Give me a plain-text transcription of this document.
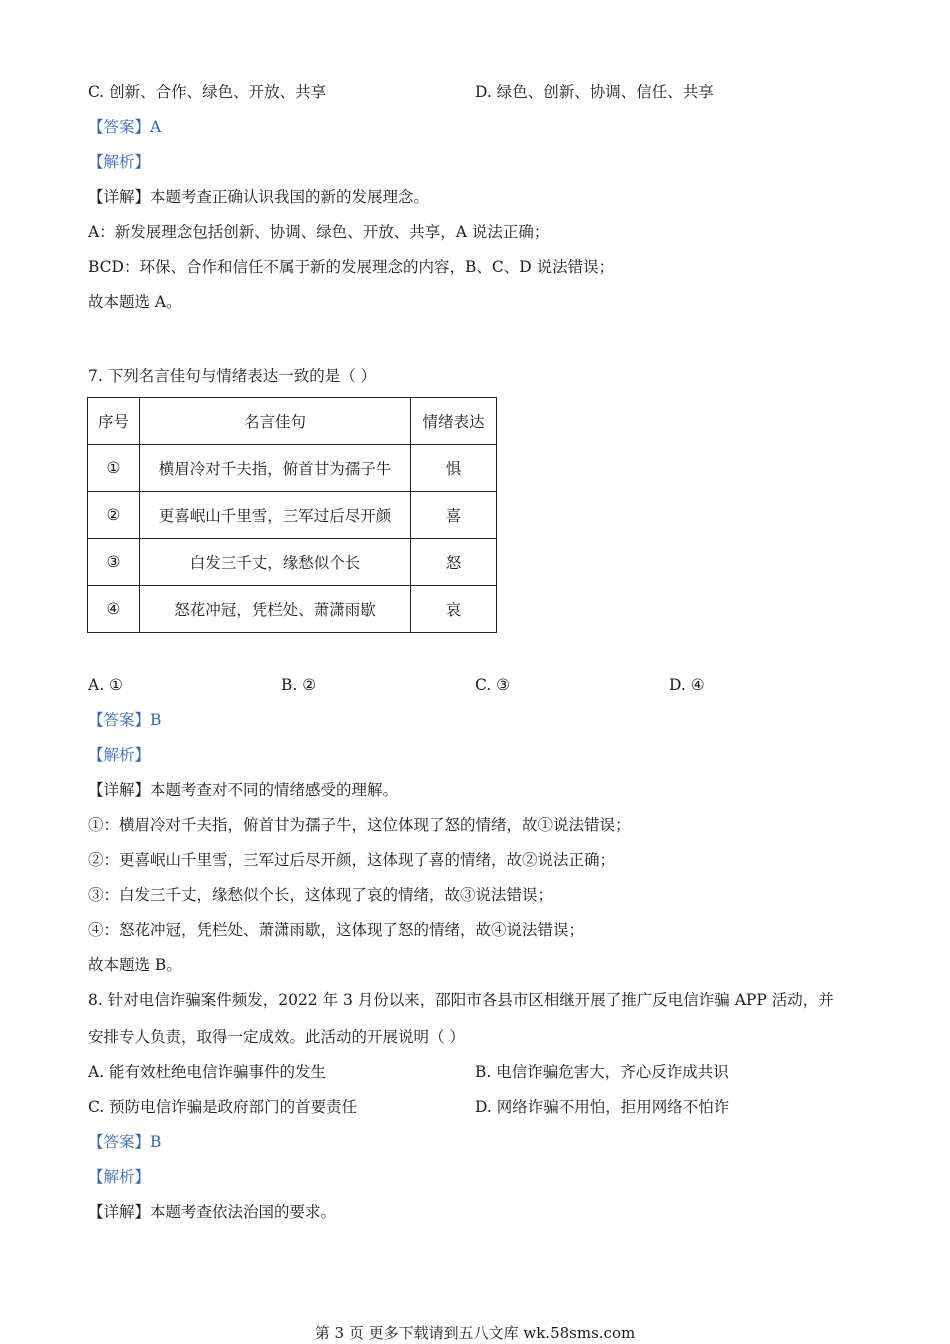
C. 创新、合作、绿色、开放、共享	D. 绿色、创新、协调、信任、共享
【答案】A
【解析】
【详解】本题考查正确认识我国的新的发展理念。
A：新发展理念包括创新、协调、绿色、开放、共享，A 说法正确；
BCD：环保、合作和信任不属于新的发展理念的内容，B、C、D 说法错误；
故本题选 A。
7. 下列名言佳句与情绪表达一致的是（ ）
序号	名言佳句	情绪表达
①	横眉冷对千夫指，俯首甘为孺子牛	惧
②	更喜岷山千里雪，三军过后尽开颜	喜
③	白发三千丈，缘愁似个长	怒
④	怒花冲冠，凭栏处、萧潇雨歇	哀
A. ①	B. ②	C. ③	D. ④
【答案】B
【解析】
【详解】本题考查对不同的情绪感受的理解。
①：横眉冷对千夫指，俯首甘为孺子牛，这位体现了怒的情绪，故①说法错误；
②：更喜岷山千里雪，三军过后尽开颜，这体现了喜的情绪，故②说法正确；
③：白发三千丈，缘愁似个长，这体现了哀的情绪，故③说法错误；
④：怒花冲冠，凭栏处、萧潇雨歇，这体现了怒的情绪，故④说法错误；
故本题选 B。
8. 针对电信诈骗案件频发，2022 年 3 月份以来，邵阳市各县市区相继开展了推广反电信诈骗 APP 活动，并
安排专人负责，取得一定成效。此活动的开展说明（ ）
A. 能有效杜绝电信诈骗事件的发生	B. 电信诈骗危害大，齐心反诈成共识
C. 预防电信诈骗是政府部门的首要责任	D. 网络诈骗不用怕，拒用网络不怕诈
【答案】B
【解析】
【详解】本题考查依法治国的要求。
第 3 页 更多下载请到五八文库 wk.58sms.com
